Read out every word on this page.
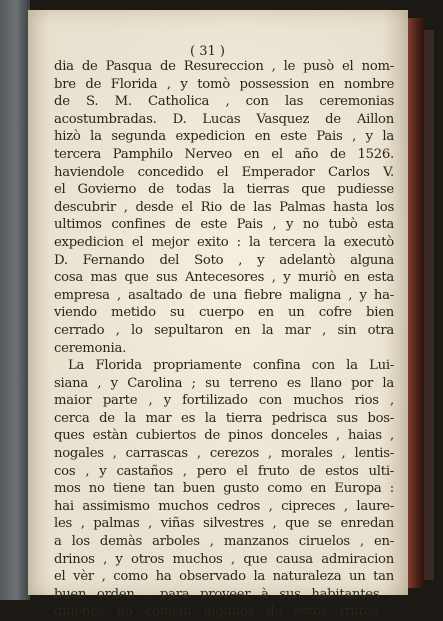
( 31 )
dia de Pasqua de Resureccion , le pusò el nom-
bre de Florida , y tomò possession en nombre
de S. M. Catholica , con las ceremonias
acostumbradas. D. Lucas Vasquez de Aillon
hizò la segunda expedicion en este Pais , y la
tercera Pamphilo Nerveo en el año de 1526.
haviendole concedido el Emperador Carlos V.
el Govierno de todas la tierras que pudiesse
descubrir , desde el Rio de las Palmas hasta los
ultimos confines de este Pais , y no tubò esta
expedicion el mejor exito : la tercera la executò
D. Fernando del Soto , y adelantò alguna
cosa mas que sus Antecesores , y muriò en esta
empresa , asaltado de una fiebre maligna , y ha-
viendo metido su cuerpo en un cofre bien
cerrado , lo sepultaron en la mar , sin otra
ceremonia.
La Florida propriamente confina con la Lui-
siana , y Carolina ; su terreno es llano por la
maior parte , y fortilizado con muchos rios ,
cerca de la mar es la tierra pedrisca sus bos-
ques estàn cubiertos de pinos donceles , haias ,
nogales , carrascas , cerezos , morales , lentis-
cos , y castaños , pero el fruto de estos ulti-
mos no tiene tan buen gusto como en Europa :
hai assimismo muchos cedros , cipreces , laure-
les , palmas , viñas silvestres , que se enredan
a los demàs arboles , manzanos ciruelos , en-
drinos , y otros muchos , que causa admiracion
el vèr , como ha observado la naturaleza un tan
buen orden , para proveer à sus habitantes ,
quienes no comian algunos de estos frutos ,
